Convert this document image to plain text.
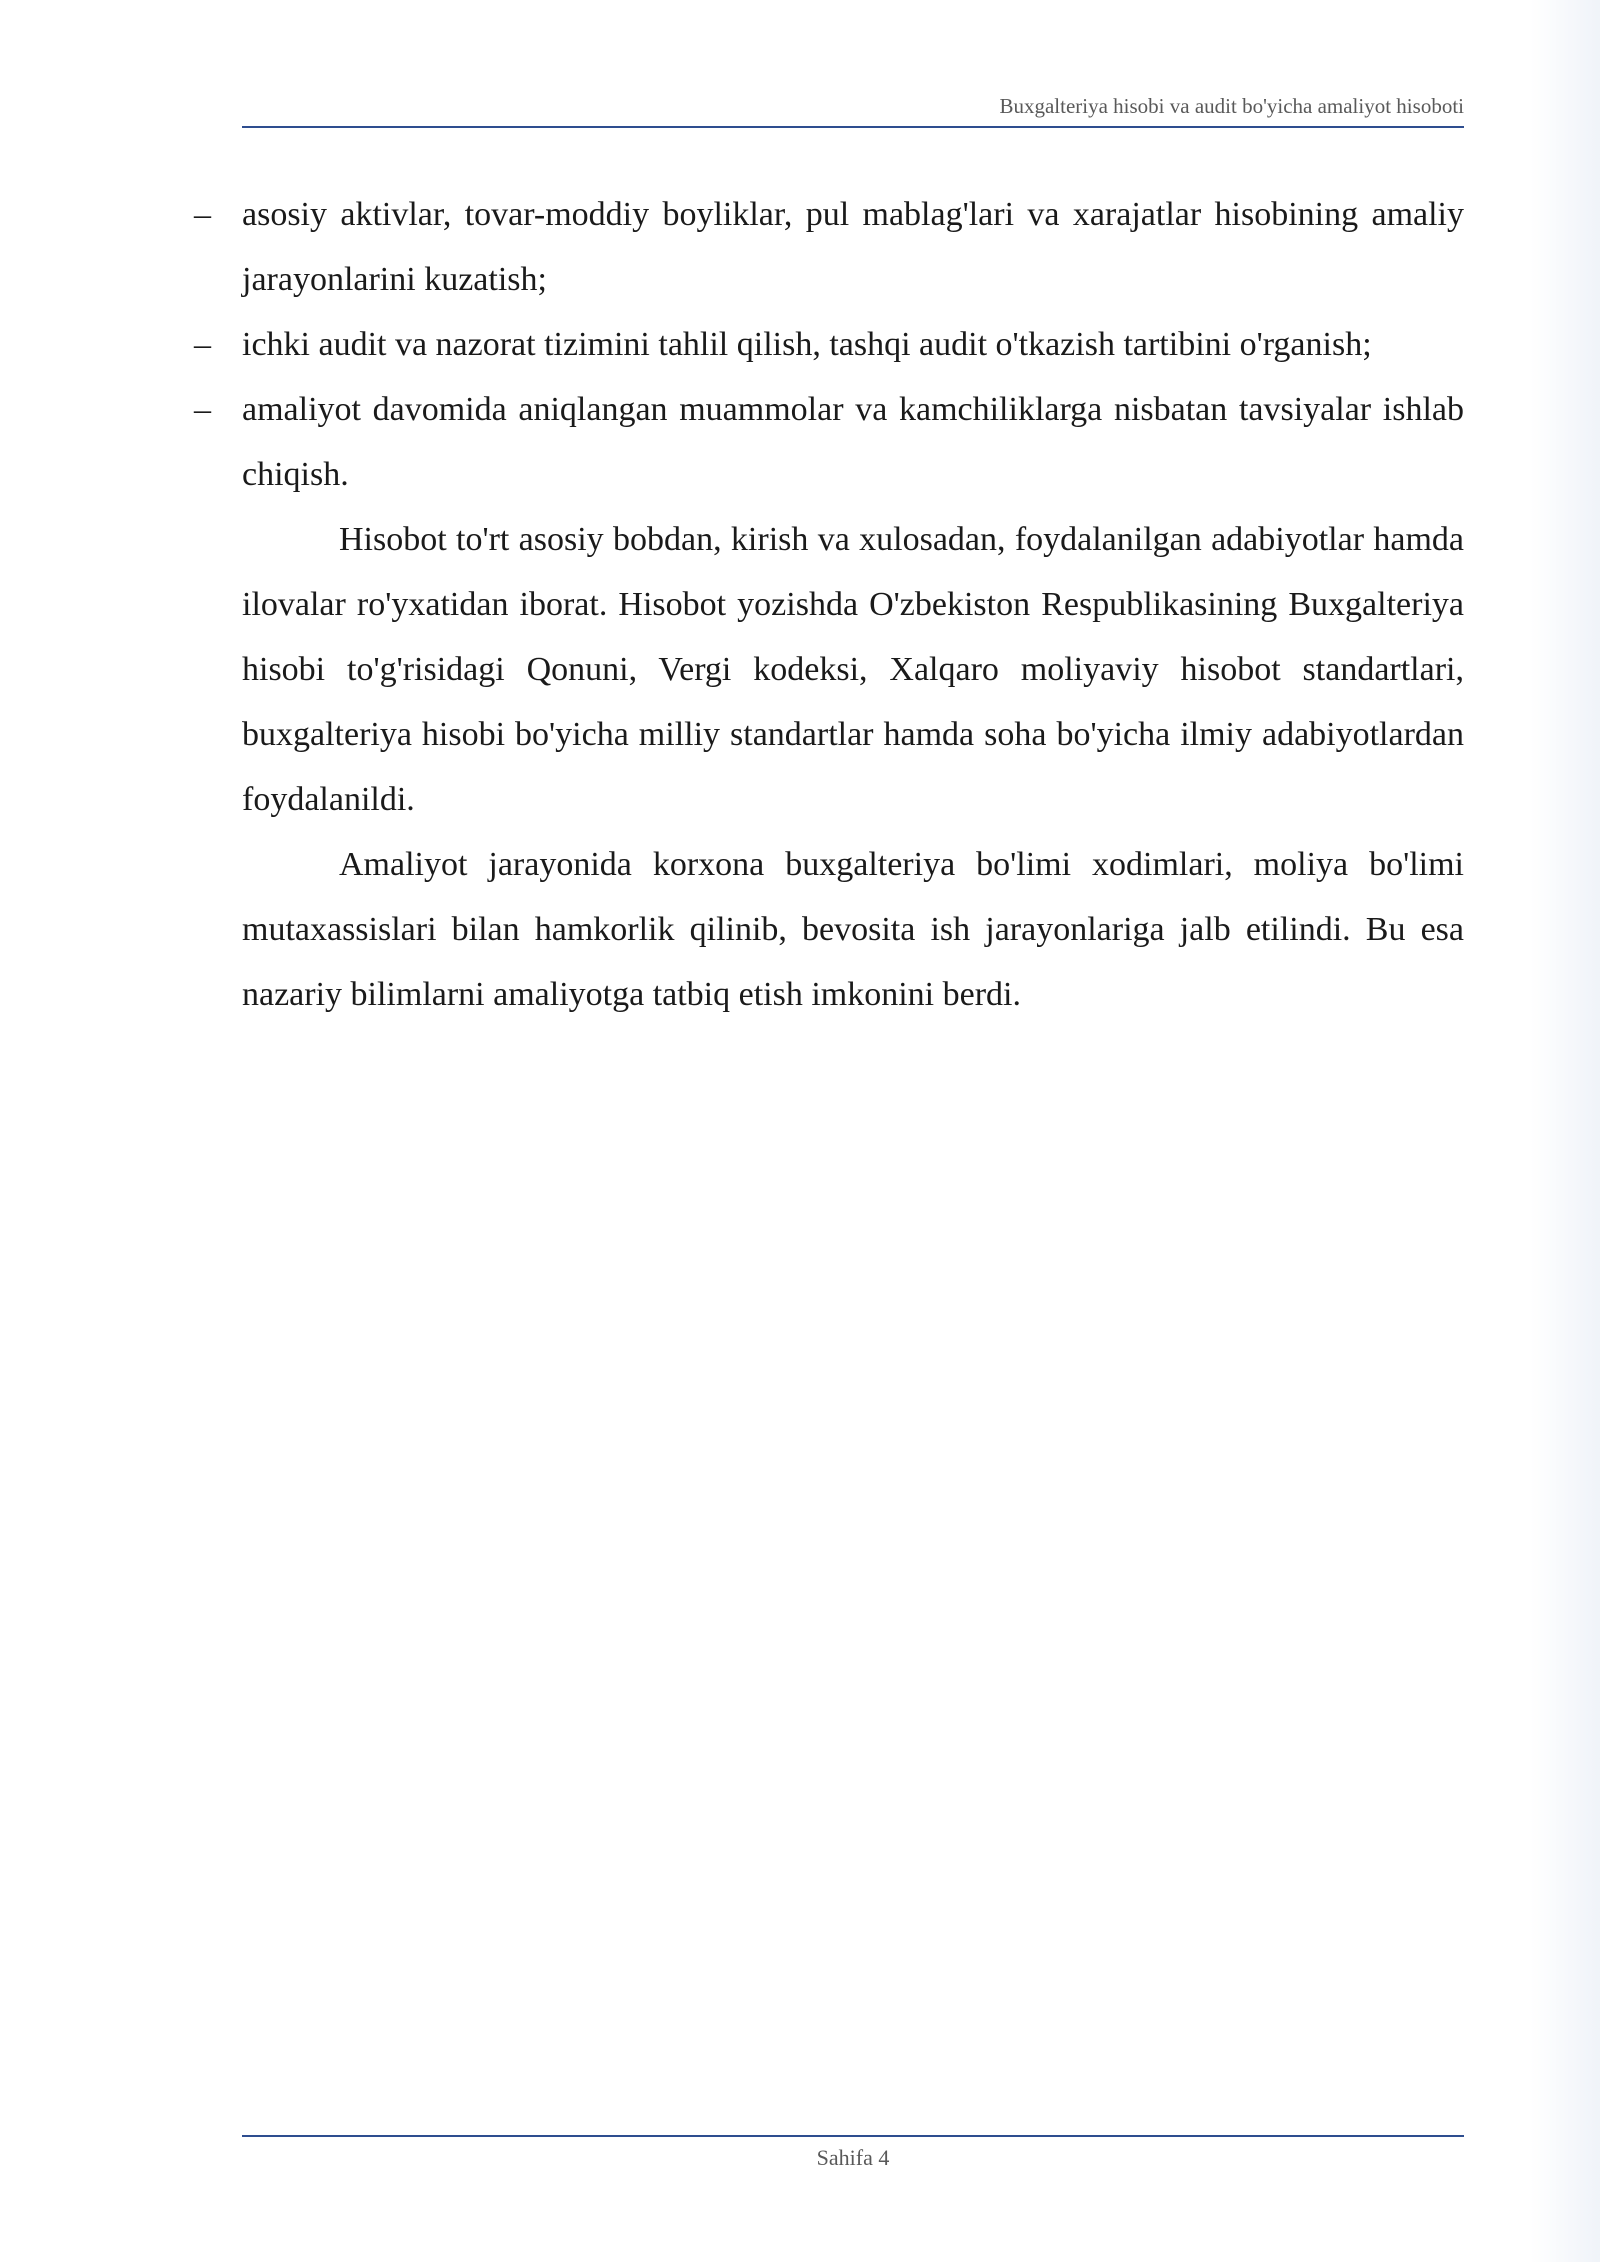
Buxgalteriya hisobi va audit bo'yicha amaliyot hisoboti
– asosiy aktivlar, tovar-moddiy boyliklar, pul mablag'lari va xarajatlar hisobining amaliy jarayonlarini kuzatish;
– ichki audit va nazorat tizimini tahlil qilish, tashqi audit o'tkazish tartibini o'rganish;
– amaliyot davomida aniqlangan muammolar va kamchiliklarga nisbatan tavsiyalar ishlab chiqish.

Hisobot to'rt asosiy bobdan, kirish va xulosadan, foydalanilgan adabiyotlar hamda ilovalar ro'yxatidan iborat. Hisobot yozishda O'zbekiston Respublikasining Buxgalteriya hisobi to'g'risidagi Qonuni, Vergi kodeksi, Xalqaro moliyaviy hisobot standartlari, buxgalteriya hisobi bo'yicha milliy standartlar hamda soha bo'yicha ilmiy adabiyotlardan foydalanildi.

Amaliyot jarayonida korxona buxgalteriya bo'limi xodimlari, moliya bo'limi mutaxassislari bilan hamkorlik qilinib, bevosita ish jarayonlariga jalb etilindi. Bu esa nazariy bilimlarni amaliyotga tatbiq etish imkonini berdi.

Sahifa 4
